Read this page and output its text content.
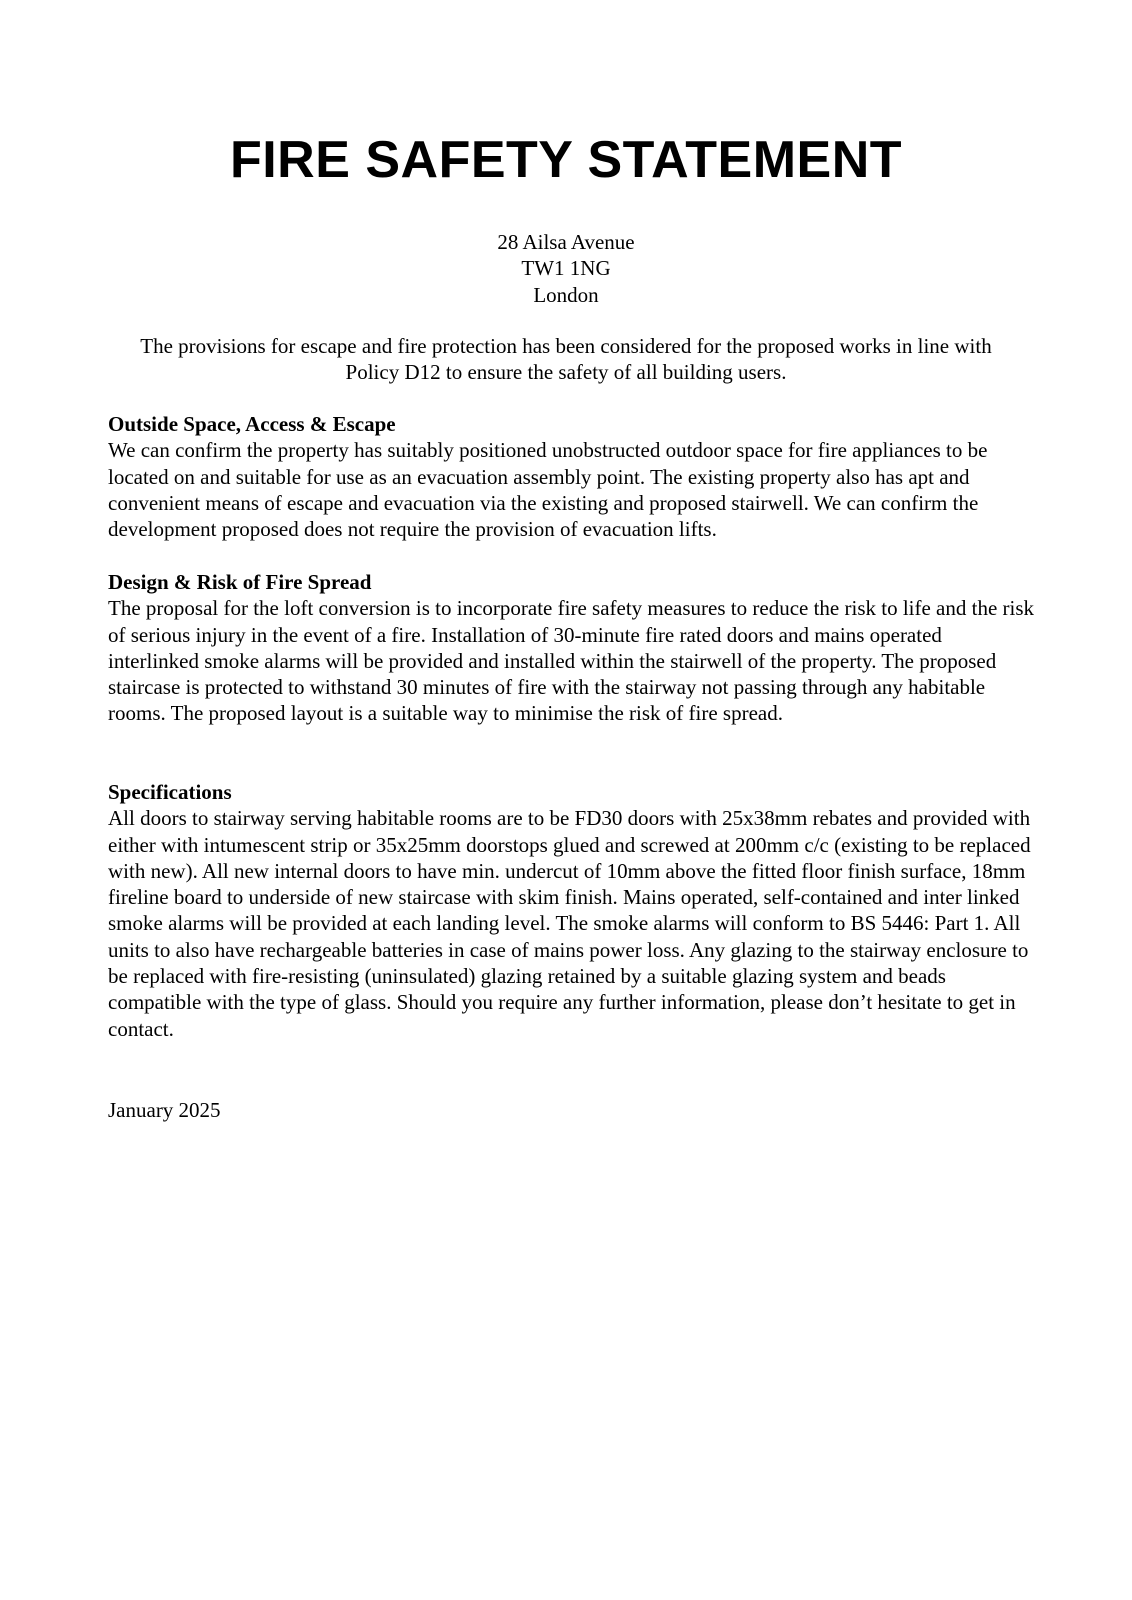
FIRE SAFETY STATEMENT
28 Ailsa Avenue
TW1 1NG
London

The provisions for escape and fire protection has been considered for the proposed works in line with Policy D12 to ensure the safety of all building users.

Outside Space, Access & Escape

We can confirm the property has suitably positioned unobstructed outdoor space for fire appliances to be located on and suitable for use as an evacuation assembly point. The existing property also has apt and convenient means of escape and evacuation via the existing and proposed stairwell. We can confirm the development proposed does not require the provision of evacuation lifts.

Design & Risk of Fire Spread

The proposal for the loft conversion is to incorporate fire safety measures to reduce the risk to life and the risk of serious injury in the event of a fire. Installation of 30-minute fire rated doors and mains operated interlinked smoke alarms will be provided and installed within the stairwell of the property. The proposed staircase is protected to withstand 30 minutes of fire with the stairway not passing through any habitable rooms. The proposed layout is a suitable way to minimise the risk of fire spread.

Specifications

All doors to stairway serving habitable rooms are to be FD30 doors with 25x38mm rebates and provided with either with intumescent strip or 35x25mm doorstops glued and screwed at 200mm c/c (existing to be replaced with new). All new internal doors to have min. undercut of 10mm above the fitted floor finish surface, 18mm fireline board to underside of new staircase with skim finish. Mains operated, self-contained and inter linked smoke alarms will be provided at each landing level. The smoke alarms will conform to BS 5446: Part 1. All units to also have rechargeable batteries in case of mains power loss. Any glazing to the stairway enclosure to be replaced with fire-resisting (uninsulated) glazing retained by a suitable glazing system and beads compatible with the type of glass. Should you require any further information, please don’t hesitate to get in contact.

January 2025
